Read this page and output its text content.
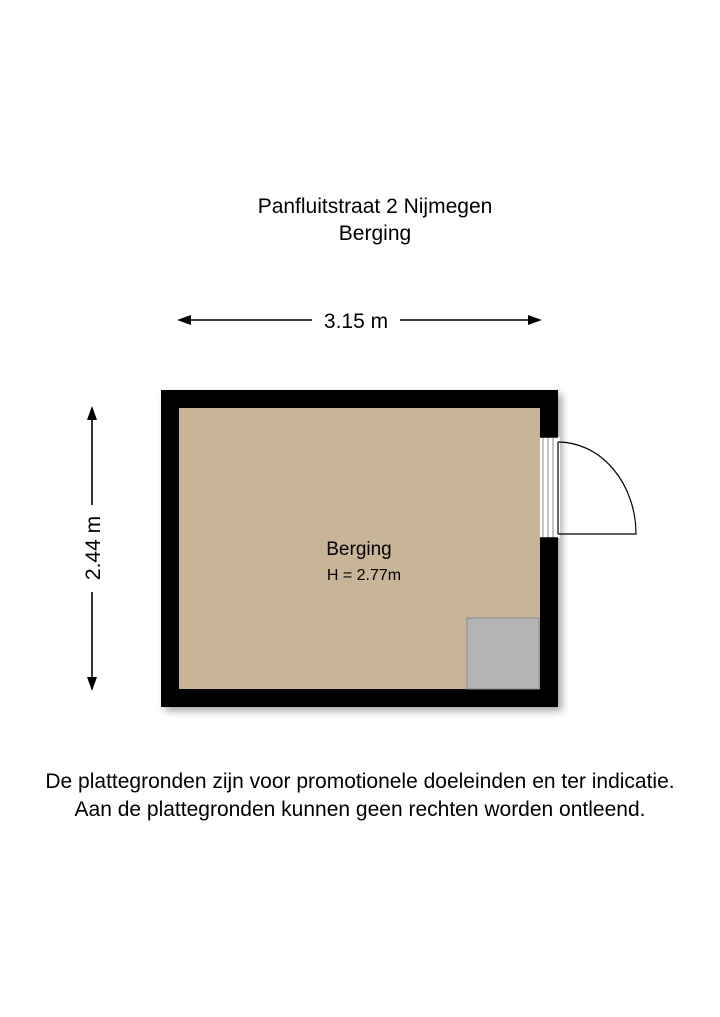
Panfluitstraat 2 Nijmegen
Berging
3.15 m
2.44 m	Berging
H = 2.77m
De plattegronden zijn voor promotionele doeleinden en ter indicatie.
Aan de plattegronden kunnen geen rechten worden ontleend.
